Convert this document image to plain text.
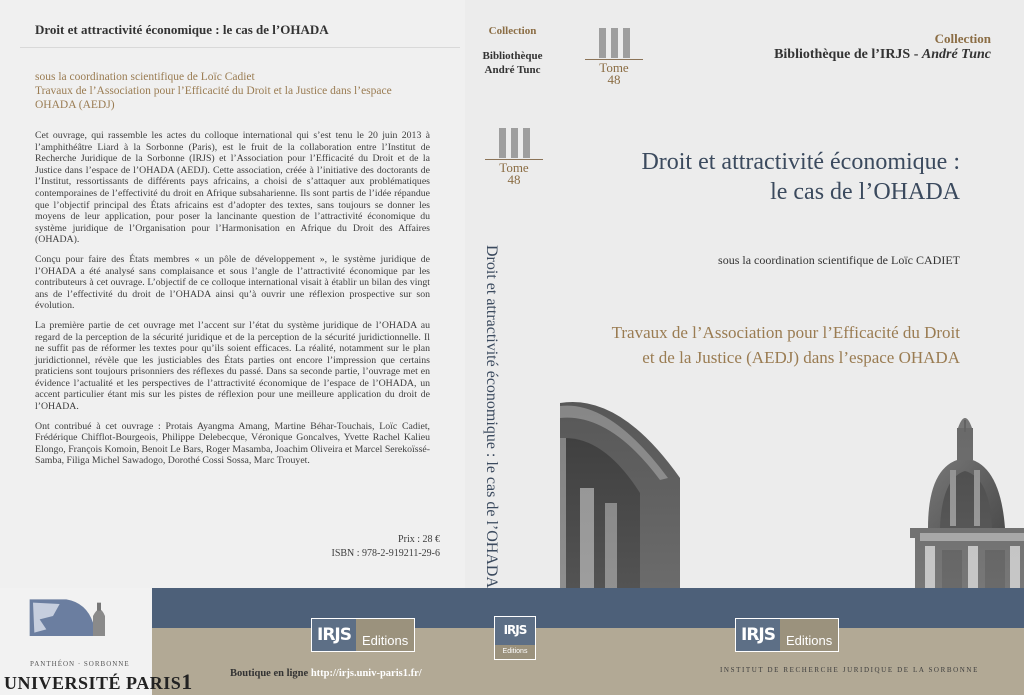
Droit et attractivité économique : le cas de l’OHADA
sous la coordination scientifique de Loïc Cadiet
Travaux de l’Association pour l’Efficacité du Droit et la Justice dans l’espace OHADA (AEDJ)

Cet ouvrage, qui rassemble les actes du colloque international qui s’est tenu le 20 juin 2013 à l’amphithéâtre Liard à la Sorbonne (Paris), est le fruit de la collaboration entre l’Institut de Recherche Juridique de la Sorbonne (IRJS) et l’Association pour l’Efficacité du Droit et de la Justice dans l’espace de l’OHADA (AEDJ). Cette association, créée à l’initiative des doctorants de l’Institut, ressortissants de différents pays africains, a choisi de s’attaquer aux problématiques contemporaines de l’effectivité du droit en Afrique subsaharienne. Ils sont partis de l’idée répandue que l’objectif principal des États africains est d’adopter des textes, sans toujours se donner les moyens de leur application, pour poser la lancinante question de l’attractivité économique du système juridique de l’Organisation pour l’Harmonisation en Afrique du Droit des Affaires (OHADA).

Conçu pour faire des États membres « un pôle de développement », le système juridique de l’OHADA a été analysé sans complaisance et sous l’angle de l’attractivité économique par les contributeurs à cet ouvrage. L’objectif de ce colloque international visait à établir un bilan des vingt ans de l’effectivité du droit de l’OHADA ainsi qu’à ouvrir une réflexion prospective sur son évolution.

La première partie de cet ouvrage met l’accent sur l’état du système juridique de l’OHADA au regard de la perception de la sécurité juridique et de la perception de la sécurité juridictionnelle. Il ne suffit pas de réformer les textes pour qu’ils soient efficaces. La réalité, notamment sur le plan juridictionnel, révèle que les justiciables des États parties ont encore l’impression que certains praticiens sont toujours prisonniers des réflexes du passé. Dans sa seconde partie, l’ouvrage met en évidence l’actualité et les perspectives de l’attractivité économique de l’espace de l’OHADA, un accent particulier étant mis sur les pistes de réflexion pour une meilleure application du droit de l’OHADA.

Ont contribué à cet ouvrage : Protais Ayangma Amang, Martine Béhar-Touchais, Loïc Cadiet, Frédérique Chifflot-Bourgeois, Philippe Delebecque, Véronique Goncalves, Yvette Rachel Kalieu Elongo, François Komoin, Benoit Le Bars, Roger Masamba, Joachim Oliveira et Marcel Serekoïssé-Samba, Filiga Michel Sawadogo, Dorothé Cossi Sossa, Marc Trouyet.

Prix : 28 €
ISBN : 978-2-919211-29-6
Collection
Bibliothèque
André Tunc
Tome
48
Droit et attractivité économique : le cas de l’OHADA
Collection
Bibliothèque de l’IRJS - André Tunc
Droit et attractivité économique :
le cas de l’OHADA
sous la coordination scientifique de Loïc CADIET
Travaux de l’Association pour l’Efficacité du Droit
et de la Justice (AEDJ) dans l’espace OHADA
Tome
48
PANTHÉON · SORBONNE
UNIVERSITÉ PARIS1
IRJS Editions
IRJS
Editions
IRJS Editions
Boutique en ligne http://irjs.univ-paris1.fr/	INSTITUT DE RECHERCHE JURIDIQUE DE LA SORBONNE
